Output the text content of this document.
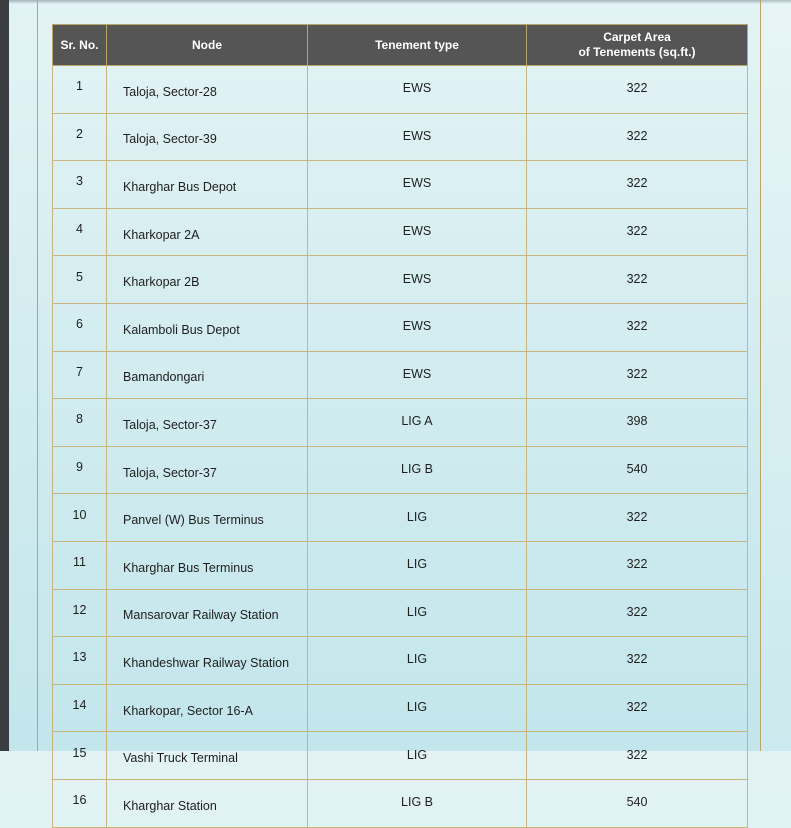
Sr. No.	Node	Tenement type	Carpet Area
of Tenements (sq.ft.)
1	Taloja, Sector-28	EWS	322
2	Taloja, Sector-39	EWS	322
3	Kharghar Bus Depot	EWS	322
4	Kharkopar 2A	EWS	322
5	Kharkopar 2B	EWS	322
6	Kalamboli Bus Depot	EWS	322
7	Bamandongari	EWS	322
8	Taloja, Sector-37	LIG A	398
9	Taloja, Sector-37	LIG B	540
10	Panvel (W) Bus Terminus	LIG	322
11	Kharghar Bus Terminus	LIG	322
12	Mansarovar Railway Station	LIG	322
13	Khandeshwar Railway Station	LIG	322
14	Kharkopar, Sector 16-A	LIG	322
15	Vashi Truck Terminal	LIG	322
16	Kharghar Station	LIG B	540
